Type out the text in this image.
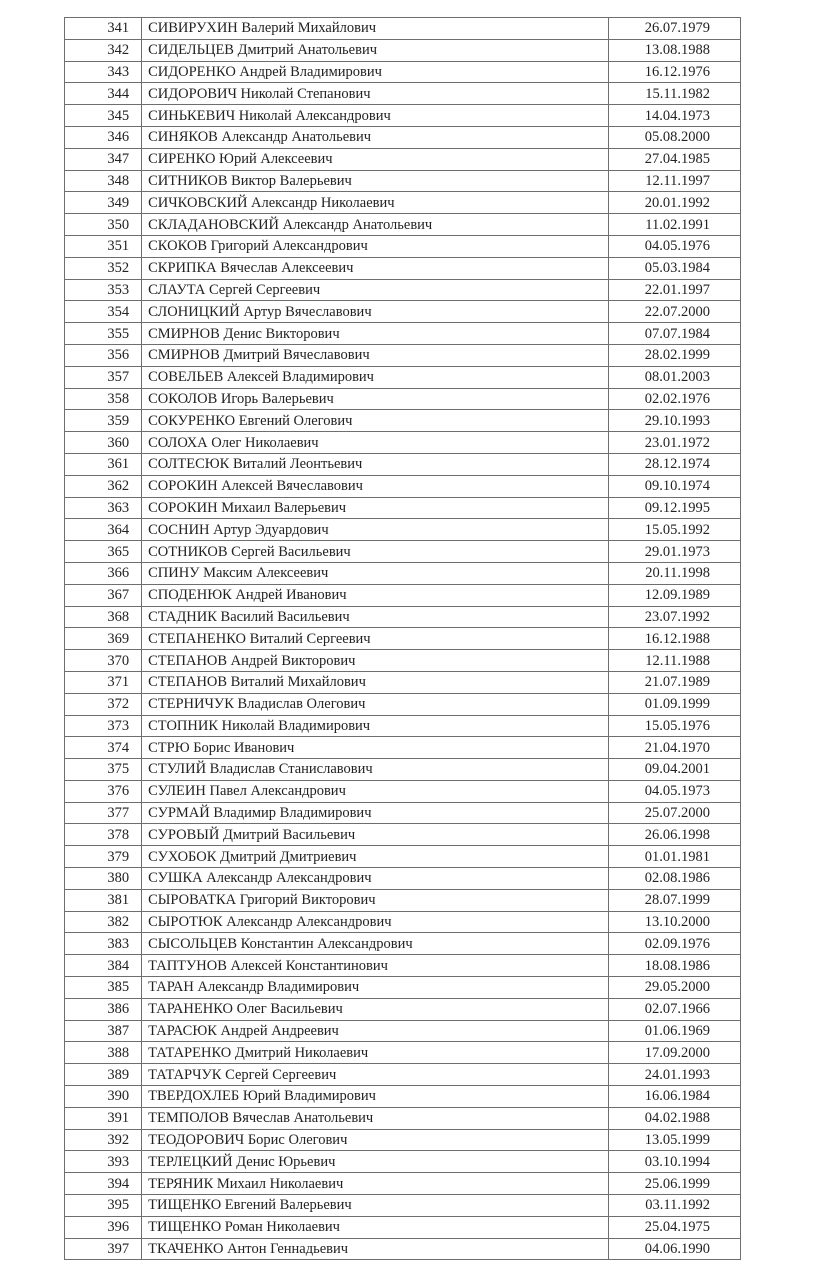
341	СИВИРУХИН Валерий Михайлович	26.07.1979
342	СИДЕЛЬЦЕВ Дмитрий Анатольевич	13.08.1988
343	СИДОРЕНКО Андрей Владимирович	16.12.1976
344	СИДОРОВИЧ Николай Степанович	15.11.1982
345	СИНЬКЕВИЧ Николай Александрович	14.04.1973
346	СИНЯКОВ Александр Анатольевич	05.08.2000
347	СИРЕНКО Юрий Алексеевич	27.04.1985
348	СИТНИКОВ Виктор Валерьевич	12.11.1997
349	СИЧКОВСКИЙ Александр Николаевич	20.01.1992
350	СКЛАДАНОВСКИЙ Александр Анатольевич	11.02.1991
351	СКОКОВ Григорий Александрович	04.05.1976
352	СКРИПКА Вячеслав Алексеевич	05.03.1984
353	СЛАУТА Сергей Сергеевич	22.01.1997
354	СЛОНИЦКИЙ Артур Вячеславович	22.07.2000
355	СМИРНОВ Денис Викторович	07.07.1984
356	СМИРНОВ Дмитрий Вячеславович	28.02.1999
357	СОВЕЛЬЕВ Алексей Владимирович	08.01.2003
358	СОКОЛОВ Игорь Валерьевич	02.02.1976
359	СОКУРЕНКО Евгений Олегович	29.10.1993
360	СОЛОХА Олег Николаевич	23.01.1972
361	СОЛТЕСЮК Виталий Леонтьевич	28.12.1974
362	СОРОКИН Алексей Вячеславович	09.10.1974
363	СОРОКИН Михаил Валерьевич	09.12.1995
364	СОСНИН Артур Эдуардович	15.05.1992
365	СОТНИКОВ Сергей Васильевич	29.01.1973
366	СПИНУ Максим Алексеевич	20.11.1998
367	СПОДЕНЮК Андрей Иванович	12.09.1989
368	СТАДНИК Василий Васильевич	23.07.1992
369	СТЕПАНЕНКО Виталий Сергеевич	16.12.1988
370	СТЕПАНОВ Андрей Викторович	12.11.1988
371	СТЕПАНОВ Виталий Михайлович	21.07.1989
372	СТЕРНИЧУК Владислав Олегович	01.09.1999
373	СТОПНИК Николай Владимирович	15.05.1976
374	СТРЮ Борис Иванович	21.04.1970
375	СТУЛИЙ Владислав Станиславович	09.04.2001
376	СУЛЕИН Павел Александрович	04.05.1973
377	СУРМАЙ Владимир Владимирович	25.07.2000
378	СУРОВЫЙ Дмитрий Васильевич	26.06.1998
379	СУХОБОК Дмитрий Дмитриевич	01.01.1981
380	СУШКА Александр Александрович	02.08.1986
381	СЫРОВАТКА Григорий Викторович	28.07.1999
382	СЫРОТЮК Александр Александрович	13.10.2000
383	СЫСОЛЬЦЕВ Константин Александрович	02.09.1976
384	ТАПТУНОВ Алексей Константинович	18.08.1986
385	ТАРАН Александр Владимирович	29.05.2000
386	ТАРАНЕНКО Олег Васильевич	02.07.1966
387	ТАРАСЮК Андрей Андреевич	01.06.1969
388	ТАТАРЕНКО Дмитрий Николаевич	17.09.2000
389	ТАТАРЧУК Сергей Сергеевич	24.01.1993
390	ТВЕРДОХЛЕБ Юрий Владимирович	16.06.1984
391	ТЕМПОЛОВ Вячеслав Анатольевич	04.02.1988
392	ТЕОДОРОВИЧ Борис Олегович	13.05.1999
393	ТЕРЛЕЦКИЙ Денис Юрьевич	03.10.1994
394	ТЕРЯНИК Михаил Николаевич	25.06.1999
395	ТИЩЕНКО Евгений Валерьевич	03.11.1992
396	ТИЩЕНКО Роман Николаевич	25.04.1975
397	ТКАЧЕНКО Антон Геннадьевич	04.06.1990
